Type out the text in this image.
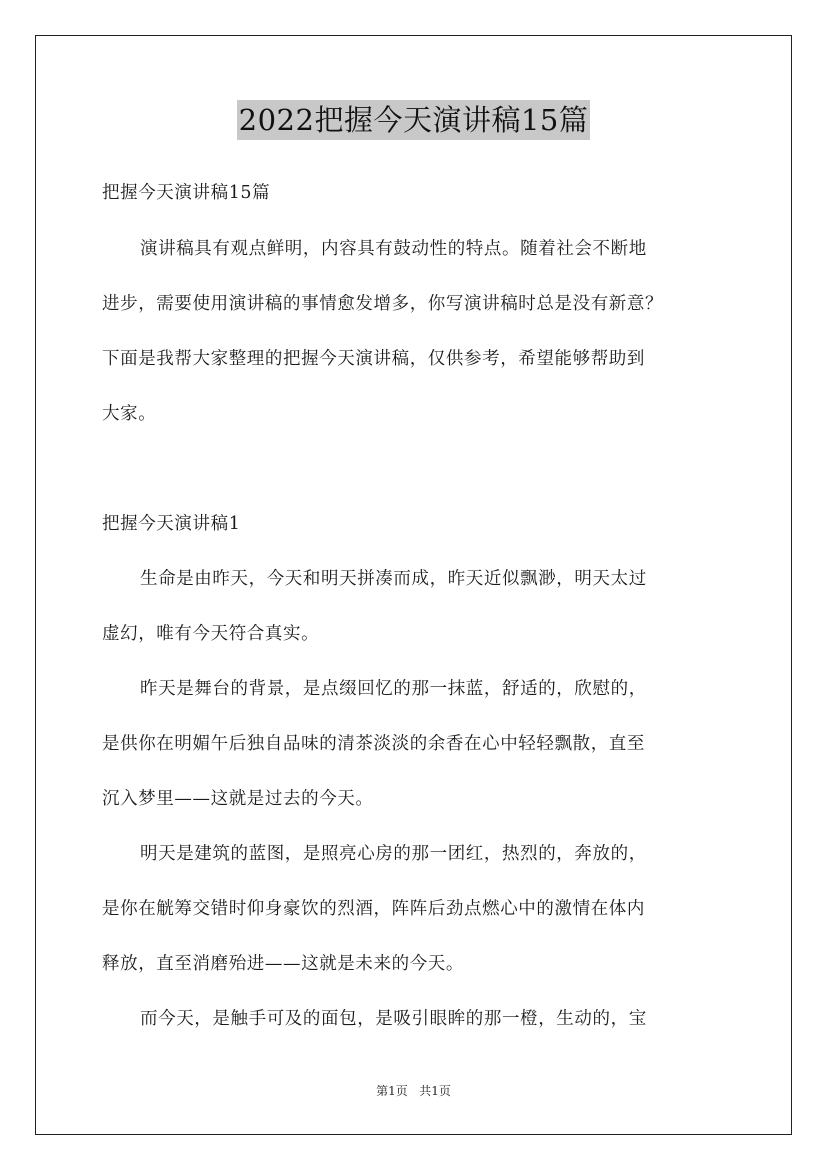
2022把握今天演讲稿15篇
把握今天演讲稿15篇
演讲稿具有观点鲜明，内容具有鼓动性的特点。随着社会不断地
进步，需要使用演讲稿的事情愈发增多，你写演讲稿时总是没有新意？
下面是我帮大家整理的把握今天演讲稿，仅供参考，希望能够帮助到
大家。
把握今天演讲稿1
生命是由昨天，今天和明天拼凑而成，昨天近似飘渺，明天太过
虚幻，唯有今天符合真实。
昨天是舞台的背景，是点缀回忆的那一抹蓝，舒适的，欣慰的，
是供你在明媚午后独自品味的清茶淡淡的余香在心中轻轻飘散，直至
沉入梦里——这就是过去的今天。
明天是建筑的蓝图，是照亮心房的那一团红，热烈的，奔放的，
是你在觥筹交错时仰身豪饮的烈酒，阵阵后劲点燃心中的激情在体内
释放，直至消磨殆进——这就是未来的今天。
而今天，是触手可及的面包，是吸引眼眸的那一橙，生动的，宝
第1页 共1页
